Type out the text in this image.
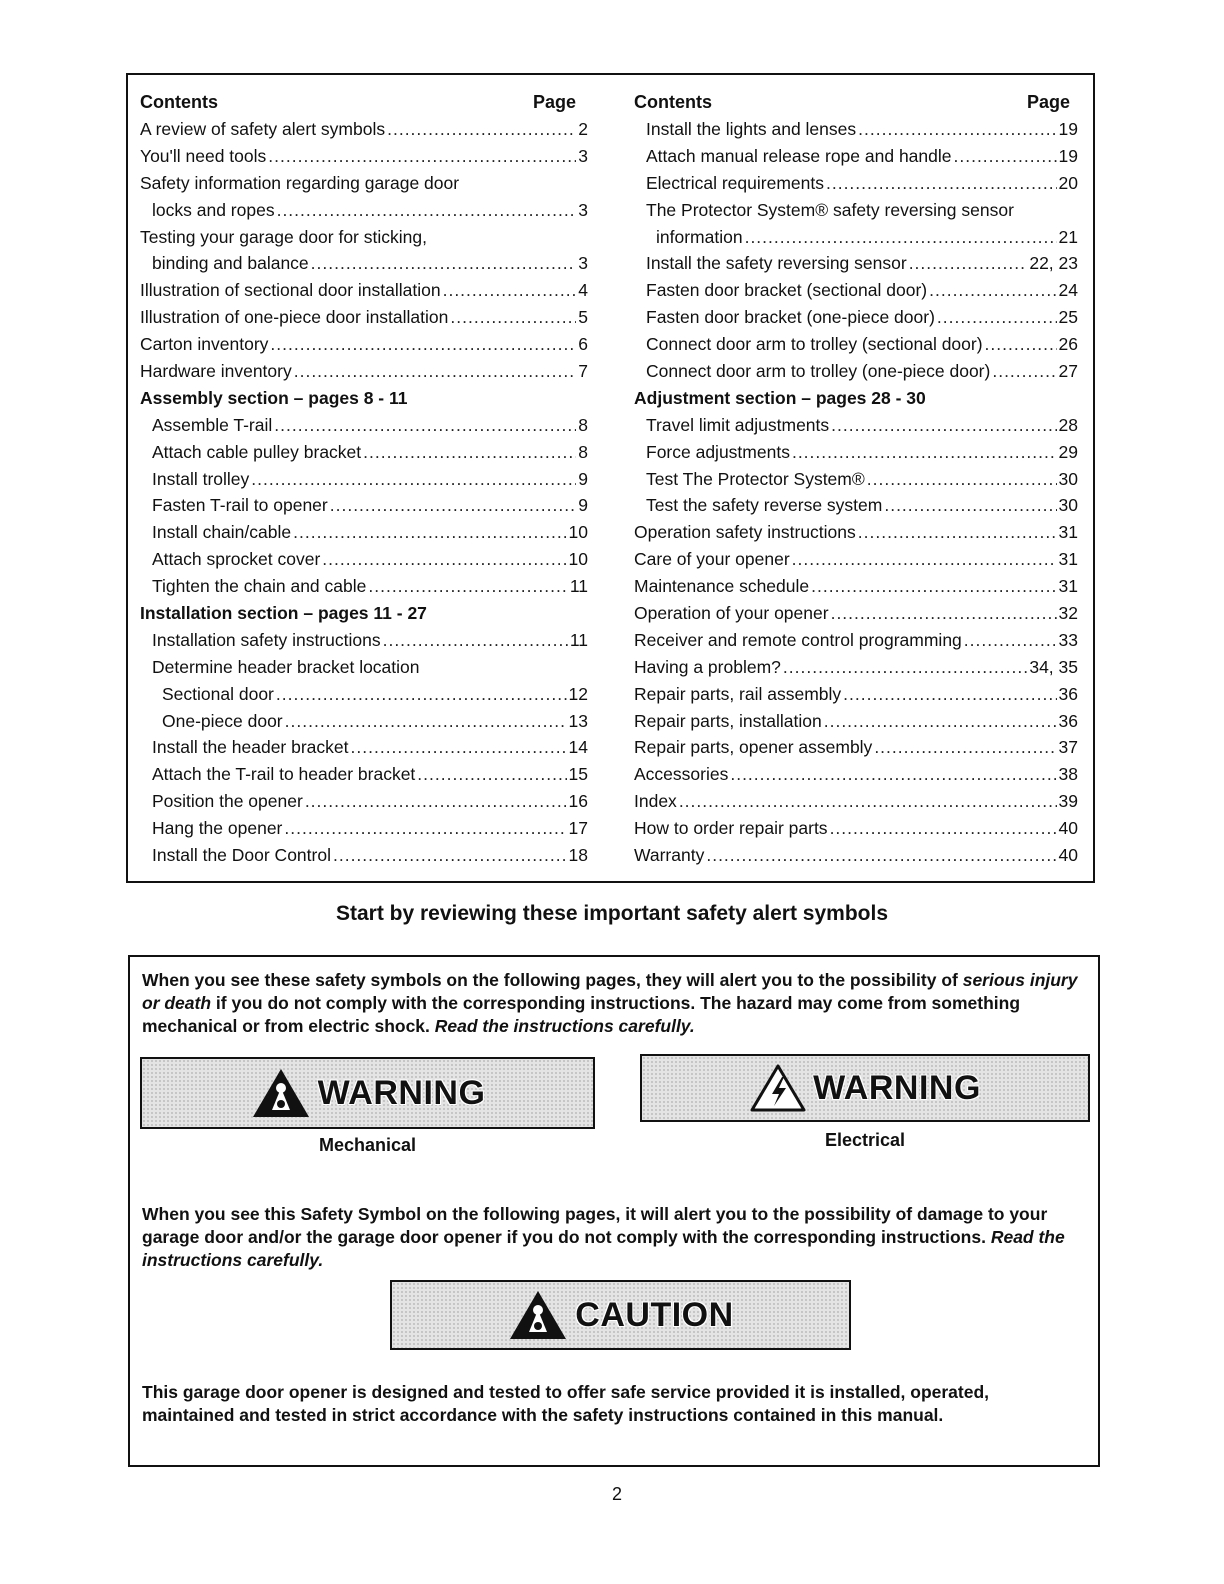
Contents	Page
A review of safety alert symbols .....	2
You'll need tools .....	3
Safety information regarding garage door
locks and ropes .....	3
Testing your garage door for sticking,
binding and balance .....	3
Illustration of sectional door installation .....	4
Illustration of one-piece door installation .....	5
Carton inventory .....	6
Hardware inventory .....	7
Assembly section – pages 8 - 11
Assemble T-rail .....	8
Attach cable pulley bracket .....	8
Install trolley .....	9
Fasten T-rail to opener .....	9
Install chain/cable .....	10
Attach sprocket cover .....	10
Tighten the chain and cable .....	11
Installation section – pages 11 - 27
Installation safety instructions .....	11
Determine header bracket location
Sectional door .....	12
One-piece door .....	13
Install the header bracket .....	14
Attach the T-rail to header bracket .....	15
Position the opener .....	16
Hang the opener .....	17
Install the Door Control .....	18
Contents	Page
Install the lights and lenses .....	19
Attach manual release rope and handle .....	19
Electrical requirements .....	20
The Protector System® safety reversing sensor
information .....	21
Install the safety reversing sensor .....	22, 23
Fasten door bracket (sectional door) .....	24
Fasten door bracket (one-piece door) .....	25
Connect door arm to trolley (sectional door) .....	26
Connect door arm to trolley (one-piece door) .....	27
Adjustment section – pages 28 - 30
Travel limit adjustments .....	28
Force adjustments .....	29
Test The Protector System® .....	30
Test the safety reverse system .....	30
Operation safety instructions .....	31
Care of your opener .....	31
Maintenance schedule .....	31
Operation of your opener .....	32
Receiver and remote control programming .....	33
Having a problem? .....	34, 35
Repair parts, rail assembly .....	36
Repair parts, installation .....	36
Repair parts, opener assembly .....	37
Accessories .....	38
Index .....	39
How to order repair parts .....	40
Warranty .....	40
Start by reviewing these important safety alert symbols
When you see these safety symbols on the following pages, they will alert you to the possibility of serious injury or death if you do not comply with the corresponding instructions. The hazard may come from something mechanical or from electric shock. Read the instructions carefully.
WARNING
Mechanical
WARNING
Electrical
When you see this Safety Symbol on the following pages, it will alert you to the possibility of damage to your garage door and/or the garage door opener if you do not comply with the corresponding instructions. Read the instructions carefully.
CAUTION
This garage door opener is designed and tested to offer safe service provided it is installed, operated, maintained and tested in strict accordance with the safety instructions contained in this manual.
2
